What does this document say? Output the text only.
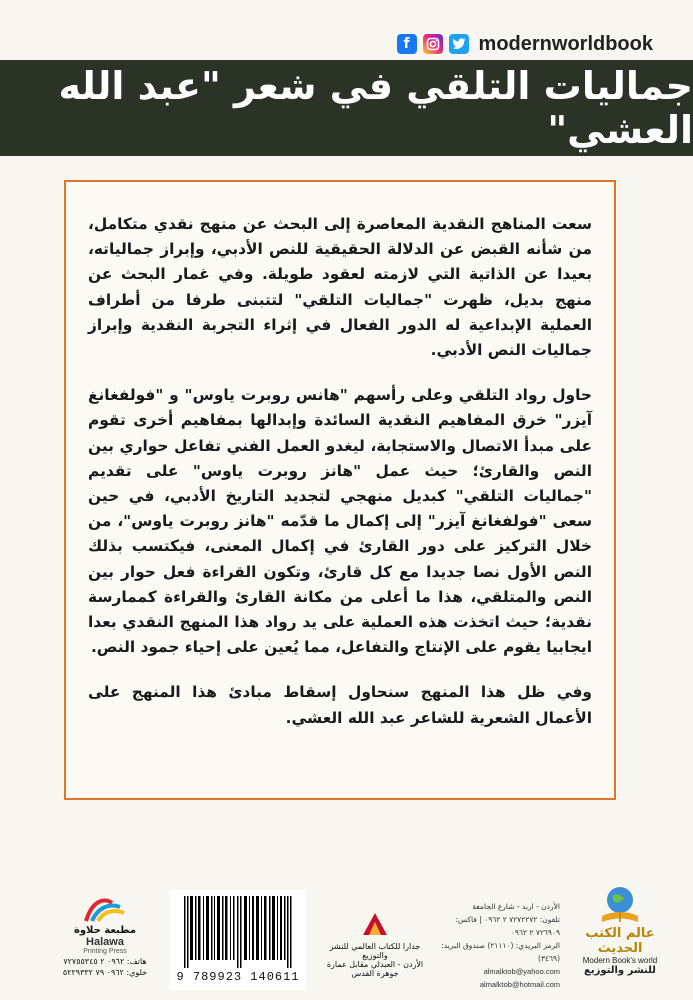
f	modernworldbook
جماليات التلقي في شعر "عبد الله العشي"

سعت المناهج النقدية المعاصرة إلى البحث عن منهج نقدي متكامل، من شأنه القبض عن الدلالة الحقيقية للنص الأدبي، وإبراز جمالياته، بعيدا عن الذاتية التي لازمته لعقود طويلة. وفي غمار البحث عن منهج بديل، ظهرت "جماليات التلقي" لتتبنى طرفا من أطراف العملية الإبداعية له الدور الفعال في إثراء التجربة النقدية وإبراز جماليات النص الأدبي.

حاول رواد التلقي وعلى رأسهم "هانس روبرت ياوس" و "فولفغانغ آيزر" خرق المفاهيم النقدية السائدة وإبدالها بمفاهيم أخرى تقوم على مبدأ الاتصال والاستجابة، ليغدو العمل الفني تفاعل حواري بين النص والقارئ؛ حيث عمل "هانز روبرت ياوس" على تقديم "جماليات التلقي" كبديل منهجي لتجديد التاريخ الأدبي، في حين سعى "فولفغانغ آيزر" إلى إكمال ما قدّمه "هانز روبرت ياوس"، من خلال التركيز على دور القارئ في إكمال المعنى، فيكتسب بذلك النص الأول نصا جديدا مع كل قارئ، وتكون القراءة فعل حوار بين النص والمتلقي، هذا ما أعلى من مكانة القارئ والقراءة كممارسة نقدية؛ حيث اتخذت هذه العملية على يد رواد هذا المنهج النقدي بعدا ايجابيا يقوم على الإنتاج والتفاعل، مما يُعين على إحياء جمود النص.

وفي ظل هذا المنهج سنحاول إسقاط مبادئ هذا المنهج على الأعمال الشعرية للشاعر عبد الله العشي.

مطبعة حلاوة
Halawa
Printing Press
هاتف: ٠٩٦٢ ٢ ٧٢٧٥٥٣٤٥
خلوي: ٠٩٦٢ ٧٩ ٥٢٢٩٣٣٢	9 789923 140611
جدارا للكتاب العالمي للنشر والتوزيع
الأردن - العبدلي مقابل عمارة جوهرة القدس
الأردن - اربد - شارع الجامعة
تلفون: ٧٢٧٢٢٧٢ ٢ ٠٩٦٢ | فاكس: ٧٢٦٩٠٩ ٢ ٠٩٦٢
الرمز البريدي: (٢١١١٠) صندوق البريد: (٣٤٦٩)
almalktob@yahoo.com
almalktob@hotmail.com
عالم الكتب الحديث
Modern Book's world
للنشر والتوزيع
